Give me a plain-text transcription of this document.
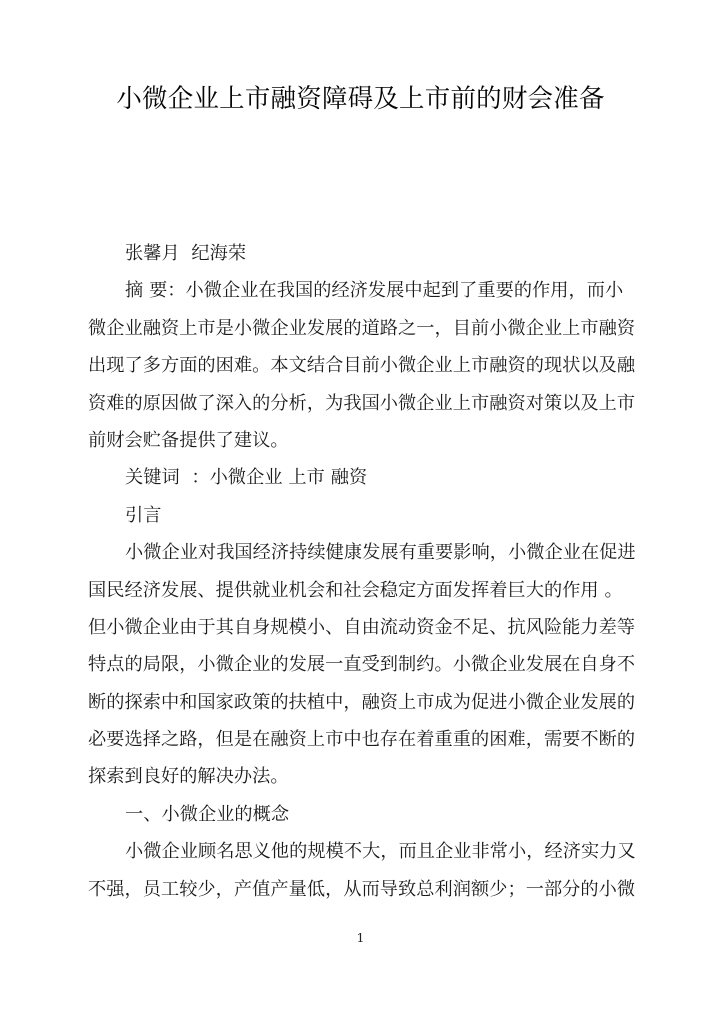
小微企业上市融资障碍及上市前的财会准备
张馨月  纪海荣
摘 要：小微企业在我国的经济发展中起到了重要的作用，而小
微企业融资上市是小微企业发展的道路之一，目前小微企业上市融资
出现了多方面的困难。本文结合目前小微企业上市融资的现状以及融
资难的原因做了深入的分析，为我国小微企业上市融资对策以及上市
前财会贮备提供了建议。
关键词  ：小微企业 上市 融资
引言
小微企业对我国经济持续健康发展有重要影响，小微企业在促进
国民经济发展、提供就业机会和社会稳定方面发挥着巨大的作用 。
但小微企业由于其自身规模小、自由流动资金不足、抗风险能力差等
特点的局限，小微企业的发展一直受到制约。小微企业发展在自身不
断的探索中和国家政策的扶植中，融资上市成为促进小微企业发展的
必要选择之路，但是在融资上市中也存在着重重的困难，需要不断的
探索到良好的解决办法。
一、小微企业的概念
小微企业顾名思义他的规模不大，而且企业非常小，经济实力又
不强，员工较少，产值产量低，从而导致总利润额少；一部分的小微
1
